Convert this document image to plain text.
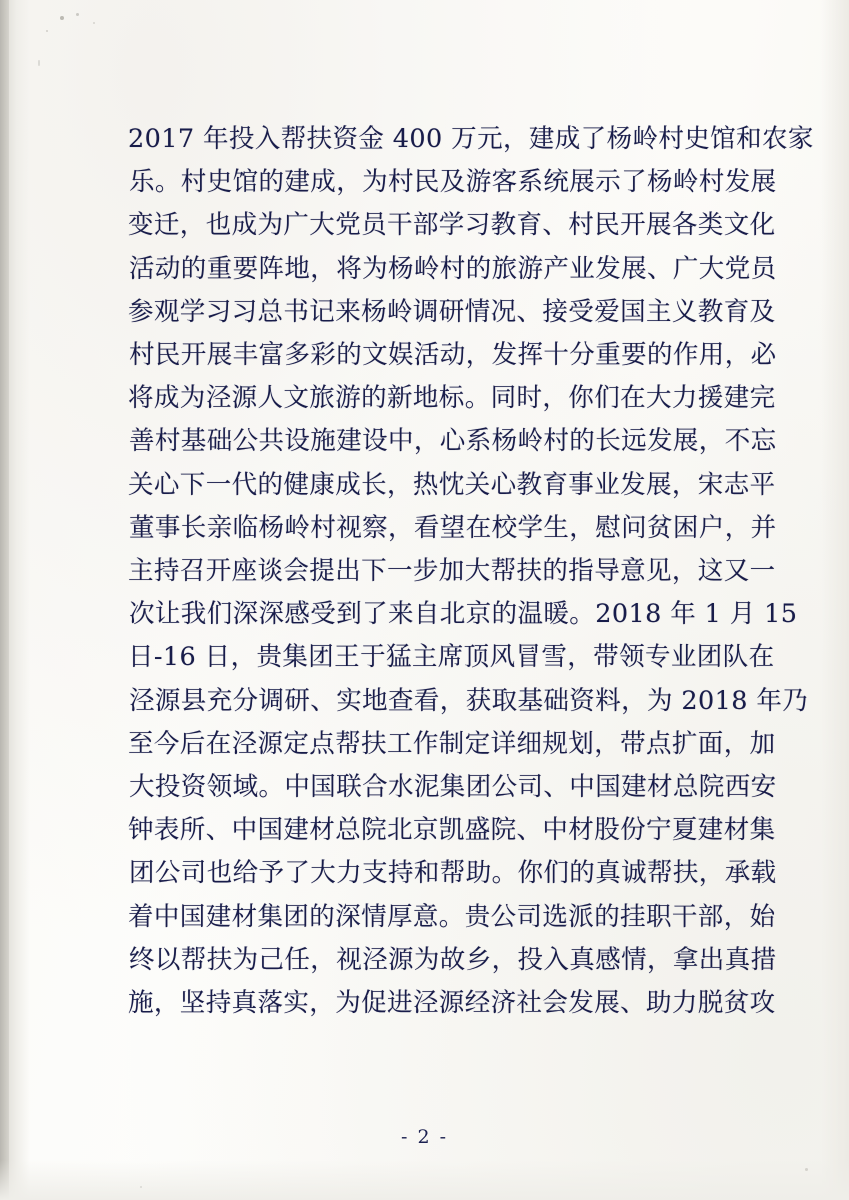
2017 年投入帮扶资金 400 万元，建成了杨岭村史馆和农家
乐。村史馆的建成，为村民及游客系统展示了杨岭村发展
变迁，也成为广大党员干部学习教育、村民开展各类文化
活动的重要阵地，将为杨岭村的旅游产业发展、广大党员
参观学习习总书记来杨岭调研情况、接受爱国主义教育及
村民开展丰富多彩的文娱活动，发挥十分重要的作用，必
将成为泾源人文旅游的新地标。同时，你们在大力援建完
善村基础公共设施建设中，心系杨岭村的长远发展，不忘
关心下一代的健康成长，热忱关心教育事业发展，宋志平
董事长亲临杨岭村视察，看望在校学生，慰问贫困户，并
主持召开座谈会提出下一步加大帮扶的指导意见，这又一
次让我们深深感受到了来自北京的温暖。2018 年 1 月 15
日-16 日，贵集团王于猛主席顶风冒雪，带领专业团队在
泾源县充分调研、实地查看，获取基础资料，为 2018 年乃
至今后在泾源定点帮扶工作制定详细规划，带点扩面，加
大投资领域。中国联合水泥集团公司、中国建材总院西安
钟表所、中国建材总院北京凯盛院、中材股份宁夏建材集
团公司也给予了大力支持和帮助。你们的真诚帮扶，承载
着中国建材集团的深情厚意。贵公司选派的挂职干部，始
终以帮扶为己任，视泾源为故乡，投入真感情，拿出真措
施，坚持真落实，为促进泾源经济社会发展、助力脱贫攻
- 2 -
